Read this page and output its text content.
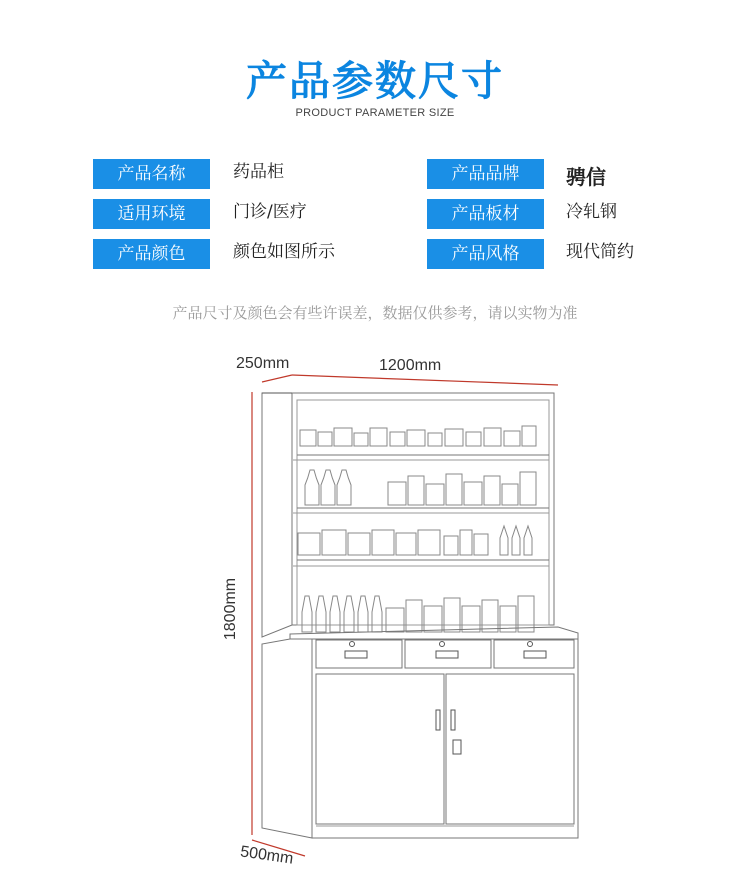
产品参数尺寸
PRODUCT PARAMETER SIZE
产品名称	药品柜	产品品牌	骋信
适用环境	门诊/医疗	产品板材	冷轧钢
产品颜色	颜色如图所示	产品风格	现代简约
产品尺寸及颜色会有些许误差，数据仅供参考，请以实物为准
250mm	1200mm
1800mm
500mm
